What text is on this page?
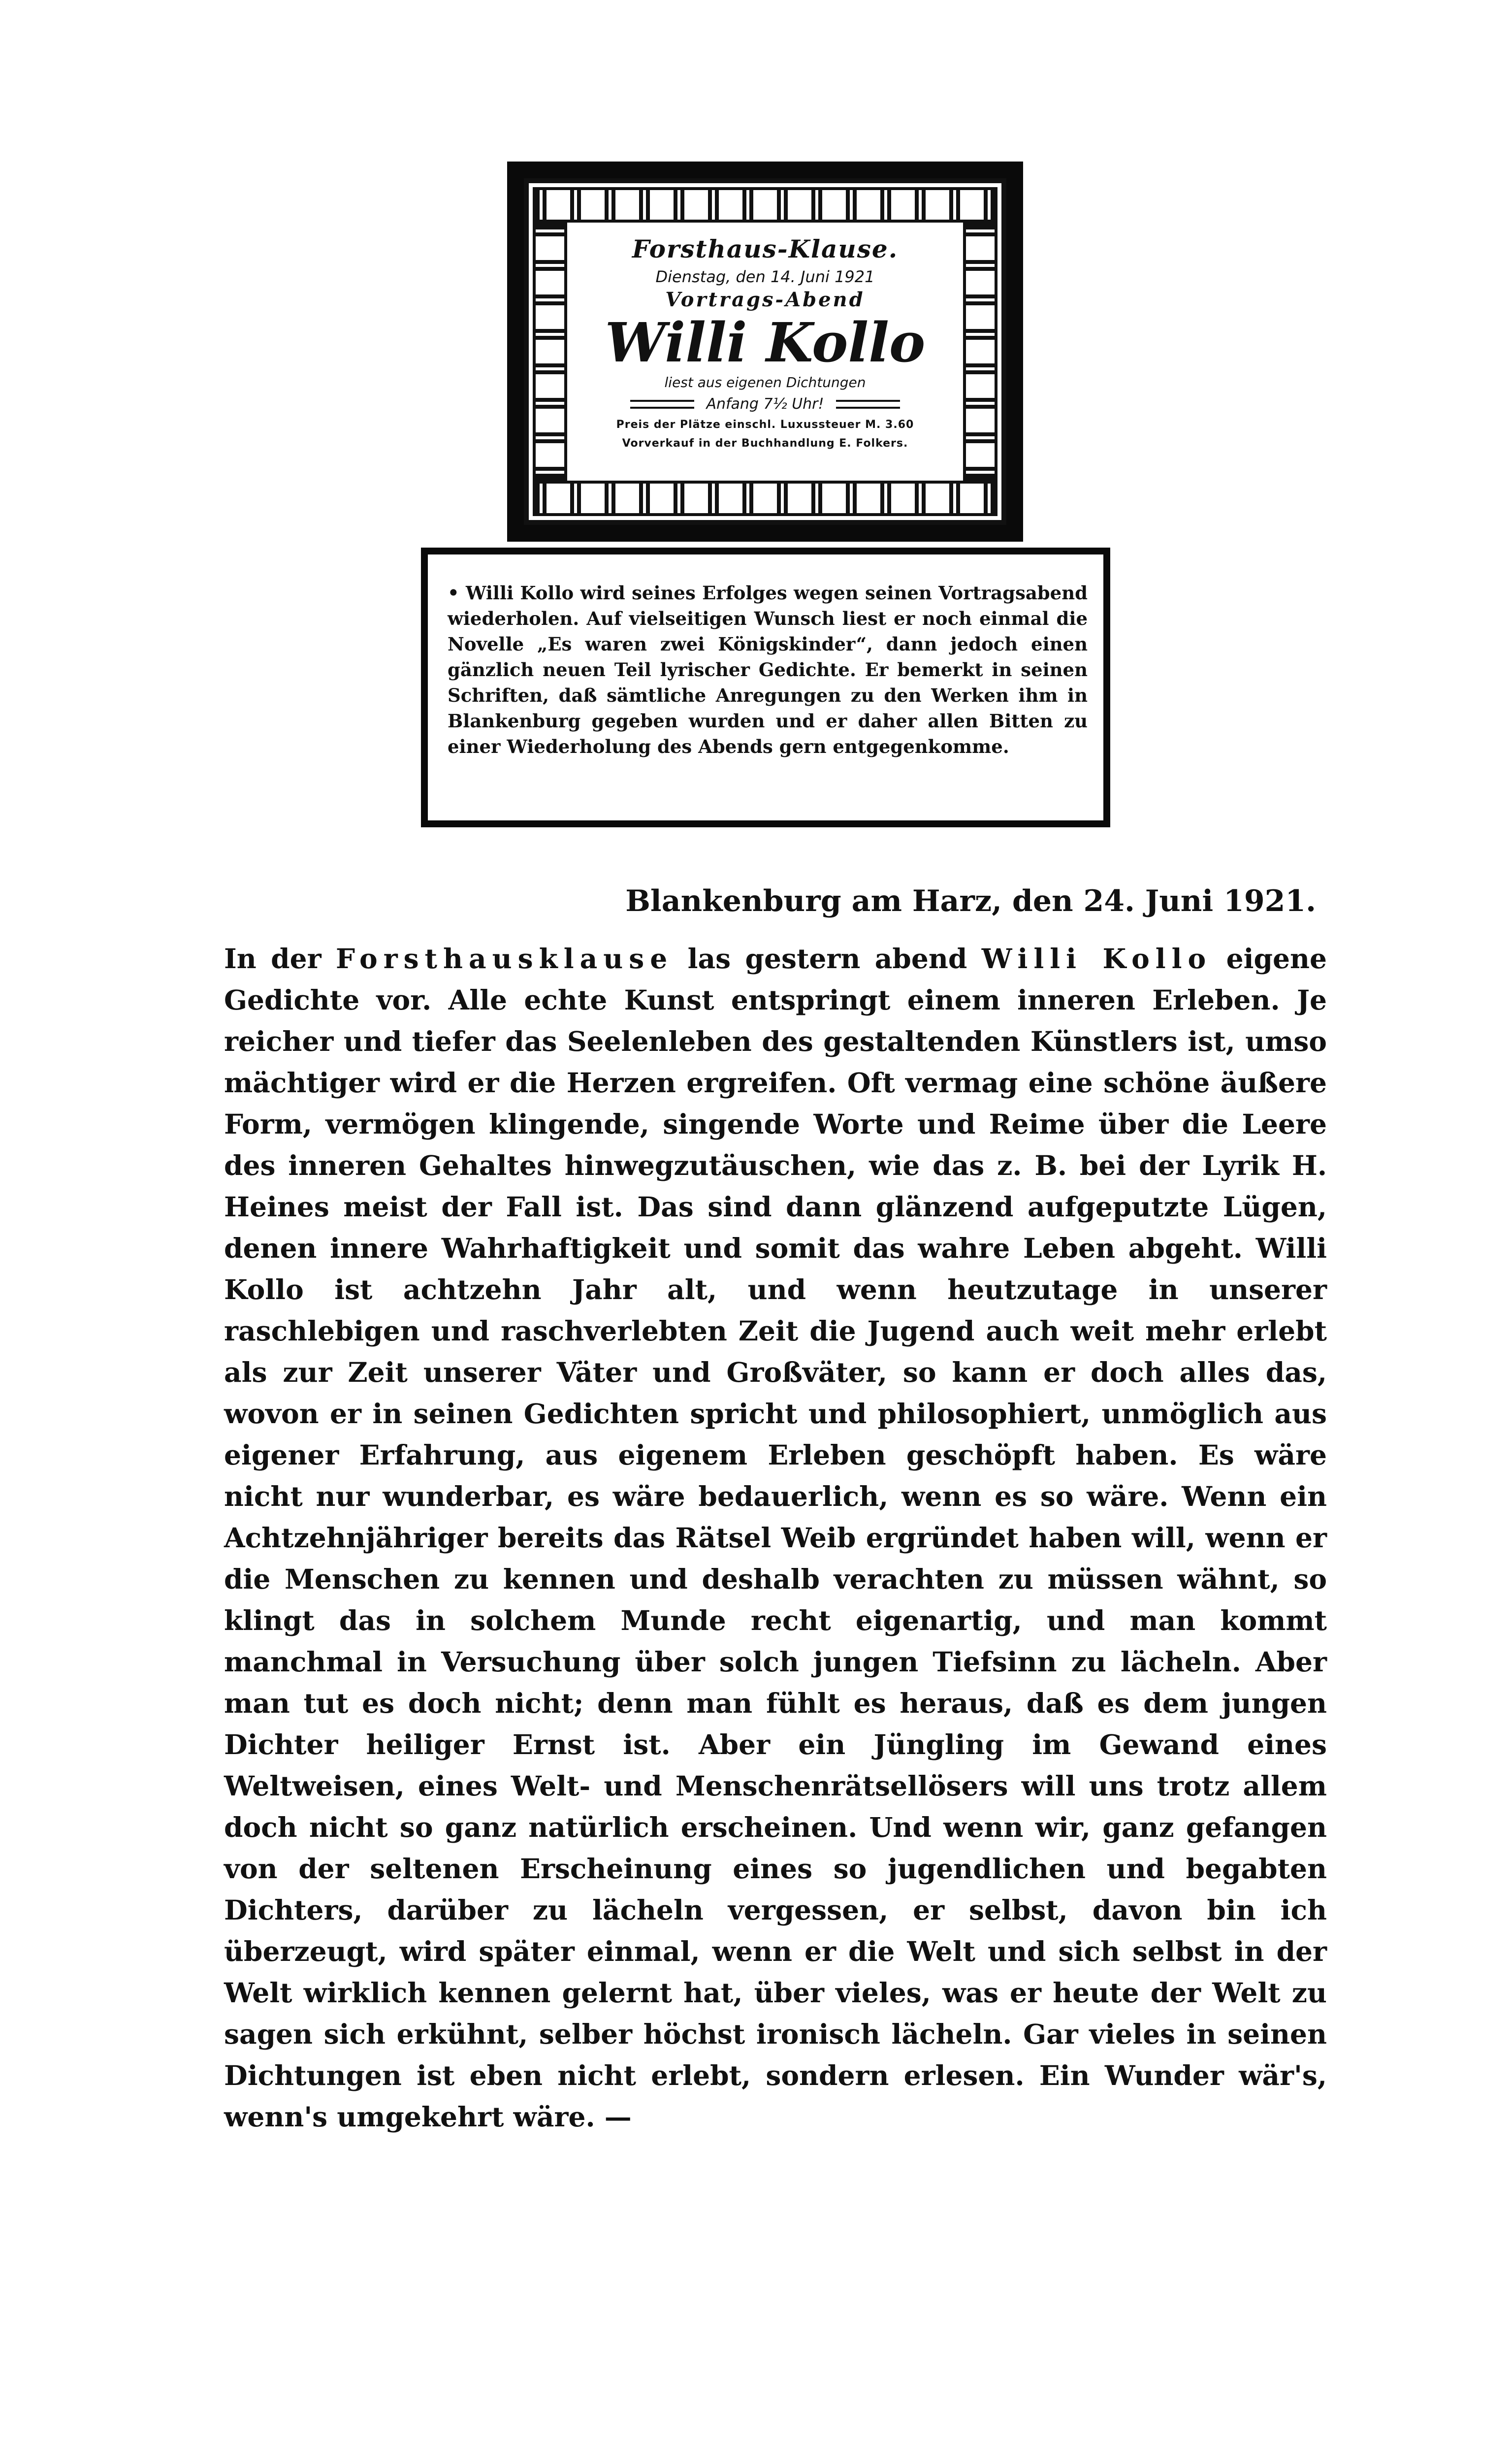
Forsthaus-Klause.
Dienstag, den 14. Juni 1921
Vortrags-Abend
Willi Kollo
liest aus eigenen Dichtungen
Anfang 7½ Uhr!
Preis der Plätze einschl. Luxussteuer M. 3.60
Vorverkauf in der Buchhandlung E. Folkers.
• Willi Kollo wird seines Erfolges wegen seinen Vortragsabend wiederholen. Auf vielseitigen Wunsch liest er noch einmal die Novelle „Es waren zwei Königskinder“, dann jedoch einen gänzlich neuen Teil lyrischer Gedichte. Er bemerkt in seinen Schriften, daß sämtliche Anregungen zu den Werken ihm in Blankenburg gegeben wurden und er daher allen Bitten zu einer Wiederholung des Abends gern entgegenkomme.
Blankenburg am Harz, den 24. Juni 1921.
In der Forsthausklause las gestern abend Willi Kollo eigene Gedichte vor. Alle echte Kunst entspringt einem inneren Erleben. Je reicher und tiefer das Seelenleben des gestaltenden Künstlers ist, umso mächtiger wird er die Herzen ergreifen. Oft vermag eine schöne äußere Form, vermögen klingende, singende Worte und Reime über die Leere des inneren Gehaltes hinwegzutäuschen, wie das z. B. bei der Lyrik H. Heines meist der Fall ist. Das sind dann glänzend aufgeputzte Lügen, denen innere Wahrhaftigkeit und somit das wahre Leben abgeht. Willi Kollo ist achtzehn Jahr alt, und wenn heutzutage in unserer raschlebigen und raschverlebten Zeit die Jugend auch weit mehr erlebt als zur Zeit unserer Väter und Großväter, so kann er doch alles das, wovon er in seinen Gedichten spricht und philosophiert, unmöglich aus eigener Erfahrung, aus eigenem Erleben geschöpft haben. Es wäre nicht nur wunderbar, es wäre bedauerlich, wenn es so wäre. Wenn ein Achtzehnjähriger bereits das Rätsel Weib ergründet haben will, wenn er die Menschen zu kennen und deshalb verachten zu müssen wähnt, so klingt das in solchem Munde recht eigenartig, und man kommt manchmal in Versuchung über solch jungen Tiefsinn zu lächeln. Aber man tut es doch nicht; denn man fühlt es heraus, daß es dem jungen Dichter heiliger Ernst ist. Aber ein Jüngling im Gewand eines Weltweisen, eines Welt- und Menschenrätsellösers will uns trotz allem doch nicht so ganz natürlich erscheinen. Und wenn wir, ganz gefangen von der seltenen Erscheinung eines so jugendlichen und begabten Dichters, darüber zu lächeln vergessen, er selbst, davon bin ich überzeugt, wird später einmal, wenn er die Welt und sich selbst in der Welt wirklich kennen gelernt hat, über vieles, was er heute der Welt zu sagen sich erkühnt, selber höchst ironisch lächeln. Gar vieles in seinen Dichtungen ist eben nicht erlebt, sondern erlesen. Ein Wunder wär's, wenn's umgekehrt wäre. —
